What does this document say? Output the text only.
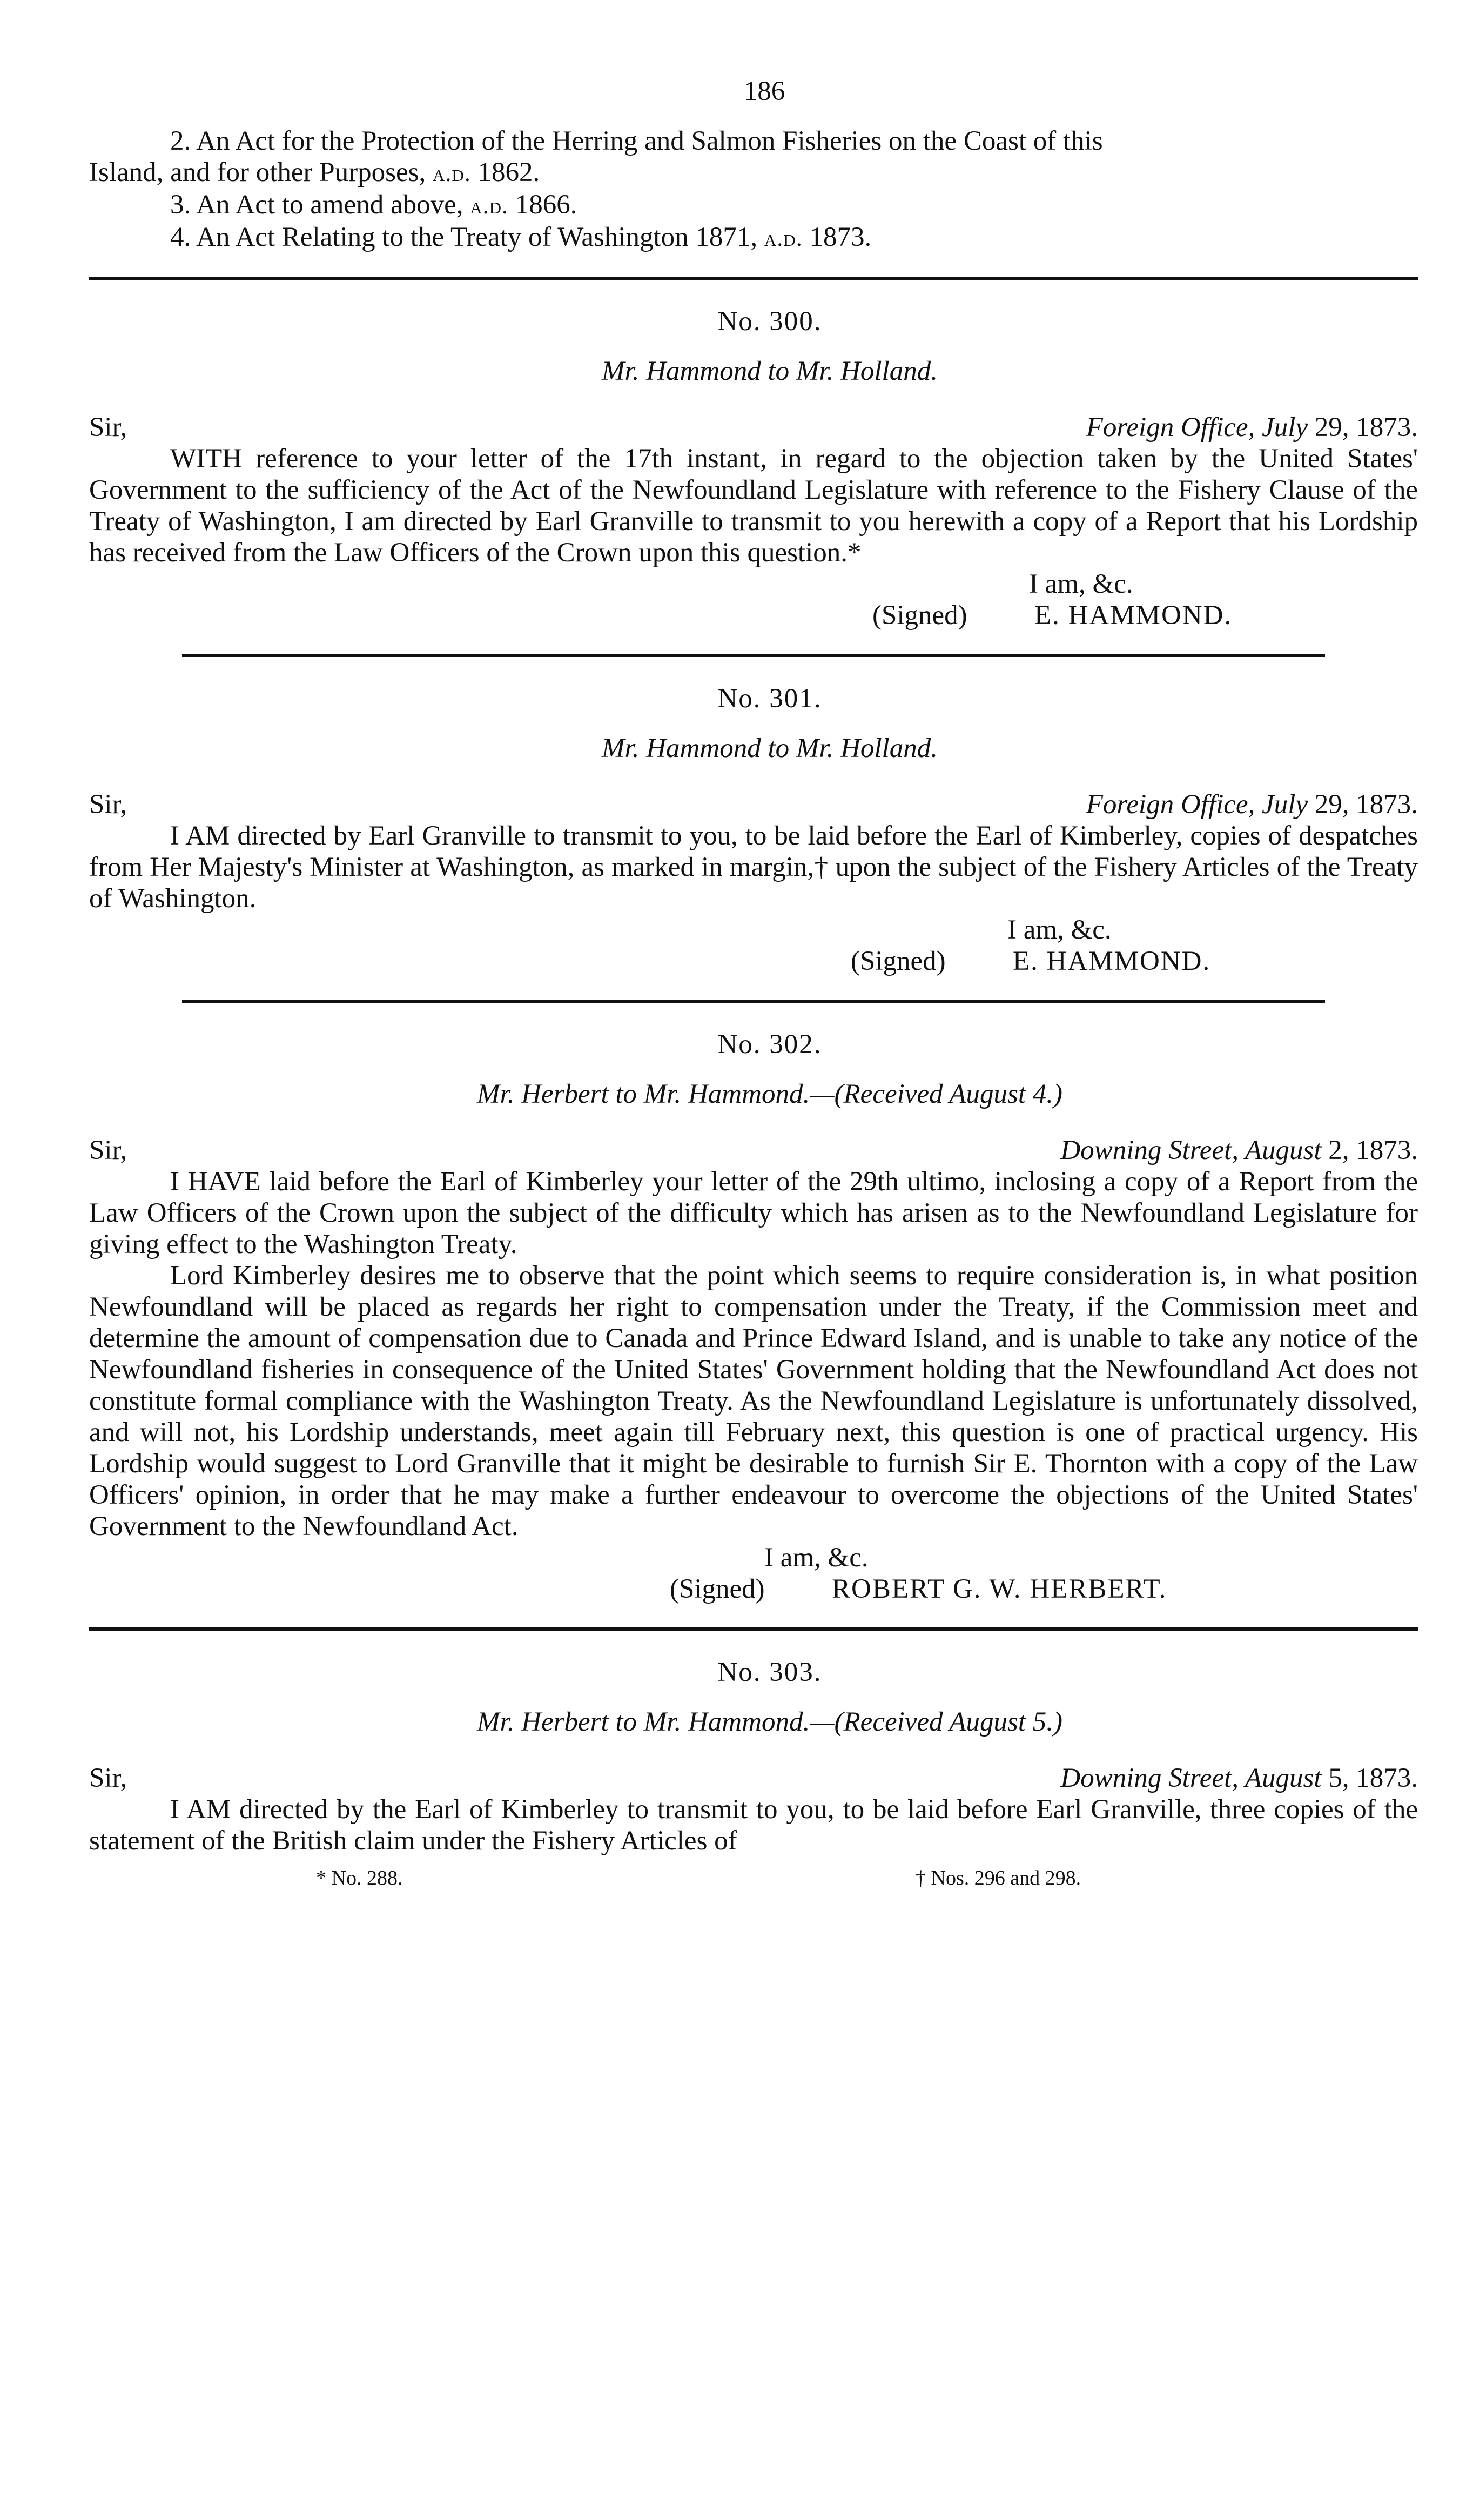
186

2. An Act for the Protection of the Herring and Salmon Fisheries on the Coast of this

Island, and for other Purposes, a.d. 1862.

3. An Act to amend above, a.d. 1866.

4. An Act Relating to the Treaty of Washington 1871, a.d. 1873.

No. 300.
Mr. Hammond to Mr. Holland.
Sir,	Foreign Office, July 29, 1873.

WITH reference to your letter of the 17th instant, in regard to the objection taken by the United States' Government to the sufficiency of the Act of the Newfoundland Legislature with reference to the Fishery Clause of the Treaty of Washington, I am directed by Earl Granville to transmit to you herewith a copy of a Report that his Lordship has received from the Law Officers of the Crown upon this question.*

I am, &c.

(Signed)	E. HAMMOND.

No. 301.
Mr. Hammond to Mr. Holland.
Sir,	Foreign Office, July 29, 1873.

I AM directed by Earl Granville to transmit to you, to be laid before the Earl of Kimberley, copies of despatches from Her Majesty's Minister at Washington, as marked in margin,† upon the subject of the Fishery Articles of the Treaty of Washington.

I am, &c.

(Signed)	E. HAMMOND.

No. 302.
Mr. Herbert to Mr. Hammond.—(Received August 4.)
Sir,	Downing Street, August 2, 1873.

I HAVE laid before the Earl of Kimberley your letter of the 29th ultimo, inclosing a copy of a Report from the Law Officers of the Crown upon the subject of the difficulty which has arisen as to the Newfoundland Legislature for giving effect to the Washington Treaty.

Lord Kimberley desires me to observe that the point which seems to require consideration is, in what position Newfoundland will be placed as regards her right to compensation under the Treaty, if the Commission meet and determine the amount of compensation due to Canada and Prince Edward Island, and is unable to take any notice of the Newfoundland fisheries in consequence of the United States' Government holding that the Newfoundland Act does not constitute formal compliance with the Washington Treaty. As the Newfoundland Legislature is unfortunately dissolved, and will not, his Lordship understands, meet again till February next, this question is one of practical urgency. His Lordship would suggest to Lord Granville that it might be desirable to furnish Sir E. Thornton with a copy of the Law Officers' opinion, in order that he may make a further endeavour to overcome the objections of the United States' Government to the Newfoundland Act.

I am, &c.

(Signed)	ROBERT G. W. HERBERT.

No. 303.
Mr. Herbert to Mr. Hammond.—(Received August 5.)
Sir,	Downing Street, August 5, 1873.

I AM directed by the Earl of Kimberley to transmit to you, to be laid before Earl Granville, three copies of the statement of the British claim under the Fishery Articles of

* No. 288.	† Nos. 296 and 298.
